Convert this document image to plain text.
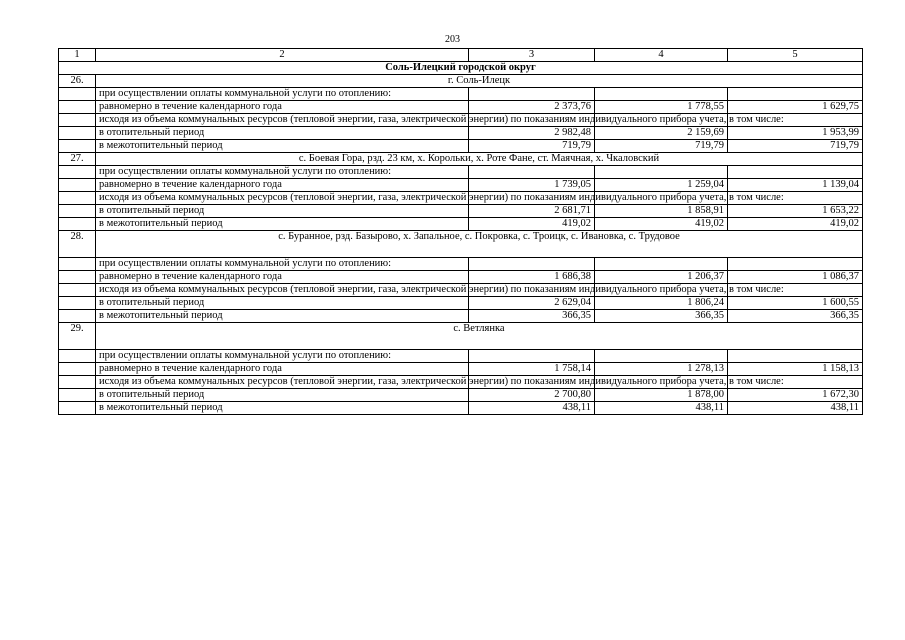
203
1	2	3	4	5
Соль-Илецкий городской округ				
26.	г. Соль-Илецк			
	при осуществлении оплаты коммунальной услуги по отоплению:			
	равномерно в течение календарного года	2 373,76	1 778,55	1 629,75
	исходя из объема коммунальных ресурсов (тепловой энергии, газа, электрической энергии) по показаниям индивидуального прибора учета, в том числе:			
	в отопительный период	2 982,48	2 159,69	1 953,99
	в межотопительный период	719,79	719,79	719,79
27.	с. Боевая Гора, рзд. 23 км, х. Корольки, х. Роте Фане, ст. Маячная, х. Чкаловский			
	при осуществлении оплаты коммунальной услуги по отоплению:			
	равномерно в течение календарного года	1 739,05	1 259,04	1 139,04
	исходя из объема коммунальных ресурсов (тепловой энергии, газа, электрической энергии) по показаниям индивидуального прибора учета, в том числе:			
	в отопительный период	2 681,71	1 858,91	1 653,22
	в межотопительный период	419,02	419,02	419,02
28.	с. Буранное, рзд. Базырово, х. Запальное, с. Покровка, с. Троицк, с. Ивановка, с. Трудовое			
	при осуществлении оплаты коммунальной услуги по отоплению:			
	равномерно в течение календарного года	1 686,38	1 206,37	1 086,37
	исходя из объема коммунальных ресурсов (тепловой энергии, газа, электрической энергии) по показаниям индивидуального прибора учета, в том числе:			
	в отопительный период	2 629,04	1 806,24	1 600,55
	в межотопительный период	366,35	366,35	366,35
29.	с. Ветлянка			
	при осуществлении оплаты коммунальной услуги по отоплению:			
	равномерно в течение календарного года	1 758,14	1 278,13	1 158,13
	исходя из объема коммунальных ресурсов (тепловой энергии, газа, электрической энергии) по показаниям индивидуального прибора учета, в том числе:			
	в отопительный период	2 700,80	1 878,00	1 672,30
	в межотопительный период	438,11	438,11	438,11
